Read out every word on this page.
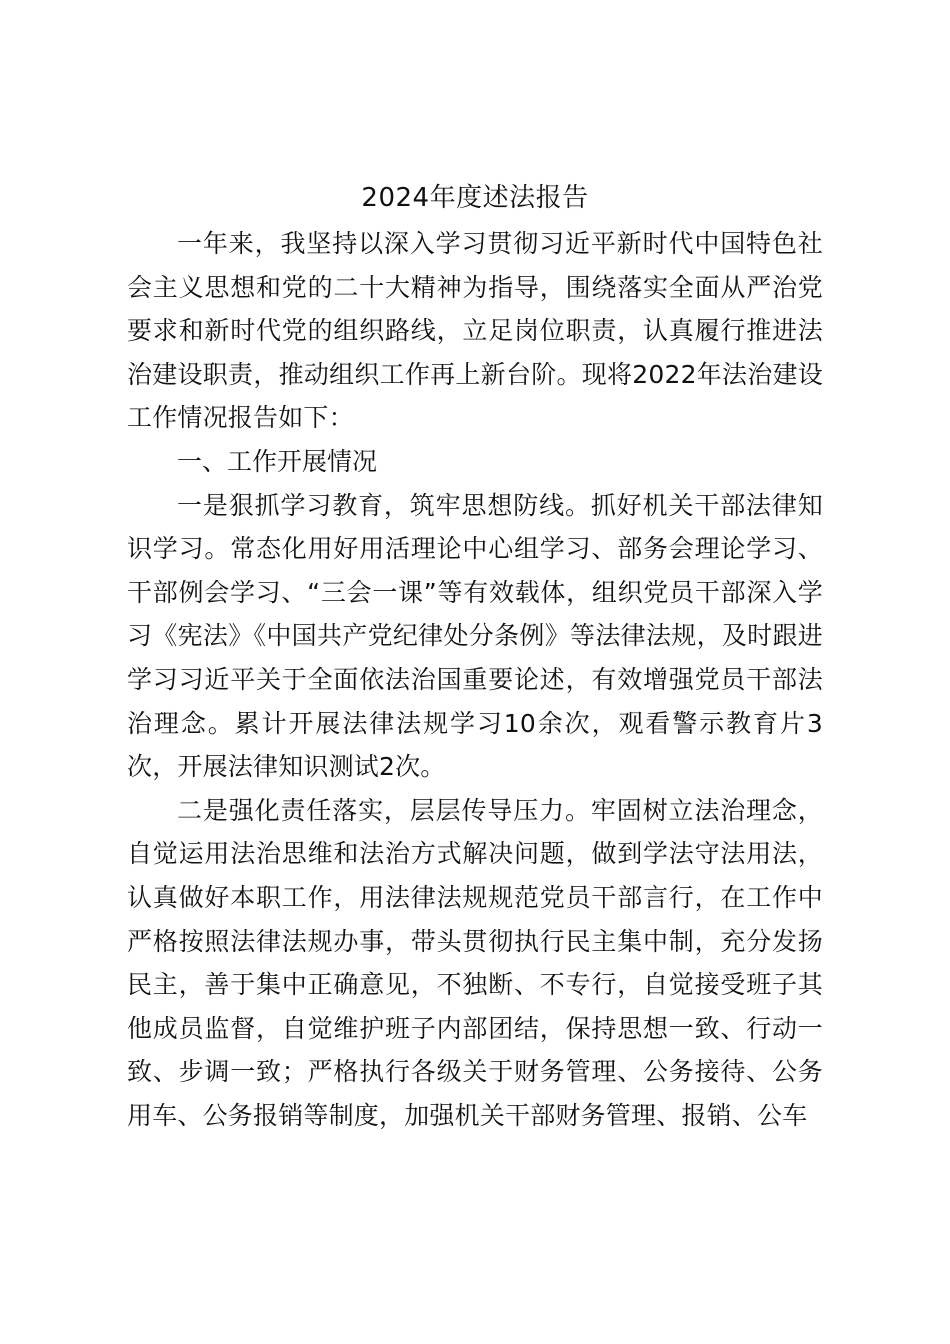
2024年度述法报告

一年来，我坚持以深入学习贯彻习近平新时代中国特色社会主义思想和党的二十大精神为指导，围绕落实全面从严治党要求和新时代党的组织路线，立足岗位职责，认真履行推进法治建设职责，推动组织工作再上新台阶。现将2022年法治建设工作情况报告如下：

一、工作开展情况

一是狠抓学习教育，筑牢思想防线。抓好机关干部法律知识学习。常态化用好用活理论中心组学习、部务会理论学习、干部例会学习、“三会一课”等有效载体，组织党员干部深入学习《宪法》《中国共产党纪律处分条例》等法律法规，及时跟进学习习近平关于全面依法治国重要论述，有效增强党员干部法治理念。累计开展法律法规学习10余次，观看警示教育片3次，开展法律知识测试2次。

二是强化责任落实，层层传导压力。牢固树立法治理念，自觉运用法治思维和法治方式解决问题，做到学法守法用法，认真做好本职工作，用法律法规规范党员干部言行，在工作中严格按照法律法规办事，带头贯彻执行民主集中制，充分发扬民主，善于集中正确意见，不独断、不专行，自觉接受班子其他成员监督，自觉维护班子内部团结，保持思想一致、行动一致、步调一致；严格执行各级关于财务管理、公务接待、公务用车、公务报销等制度，加强机关干部财务管理、报销、公车
